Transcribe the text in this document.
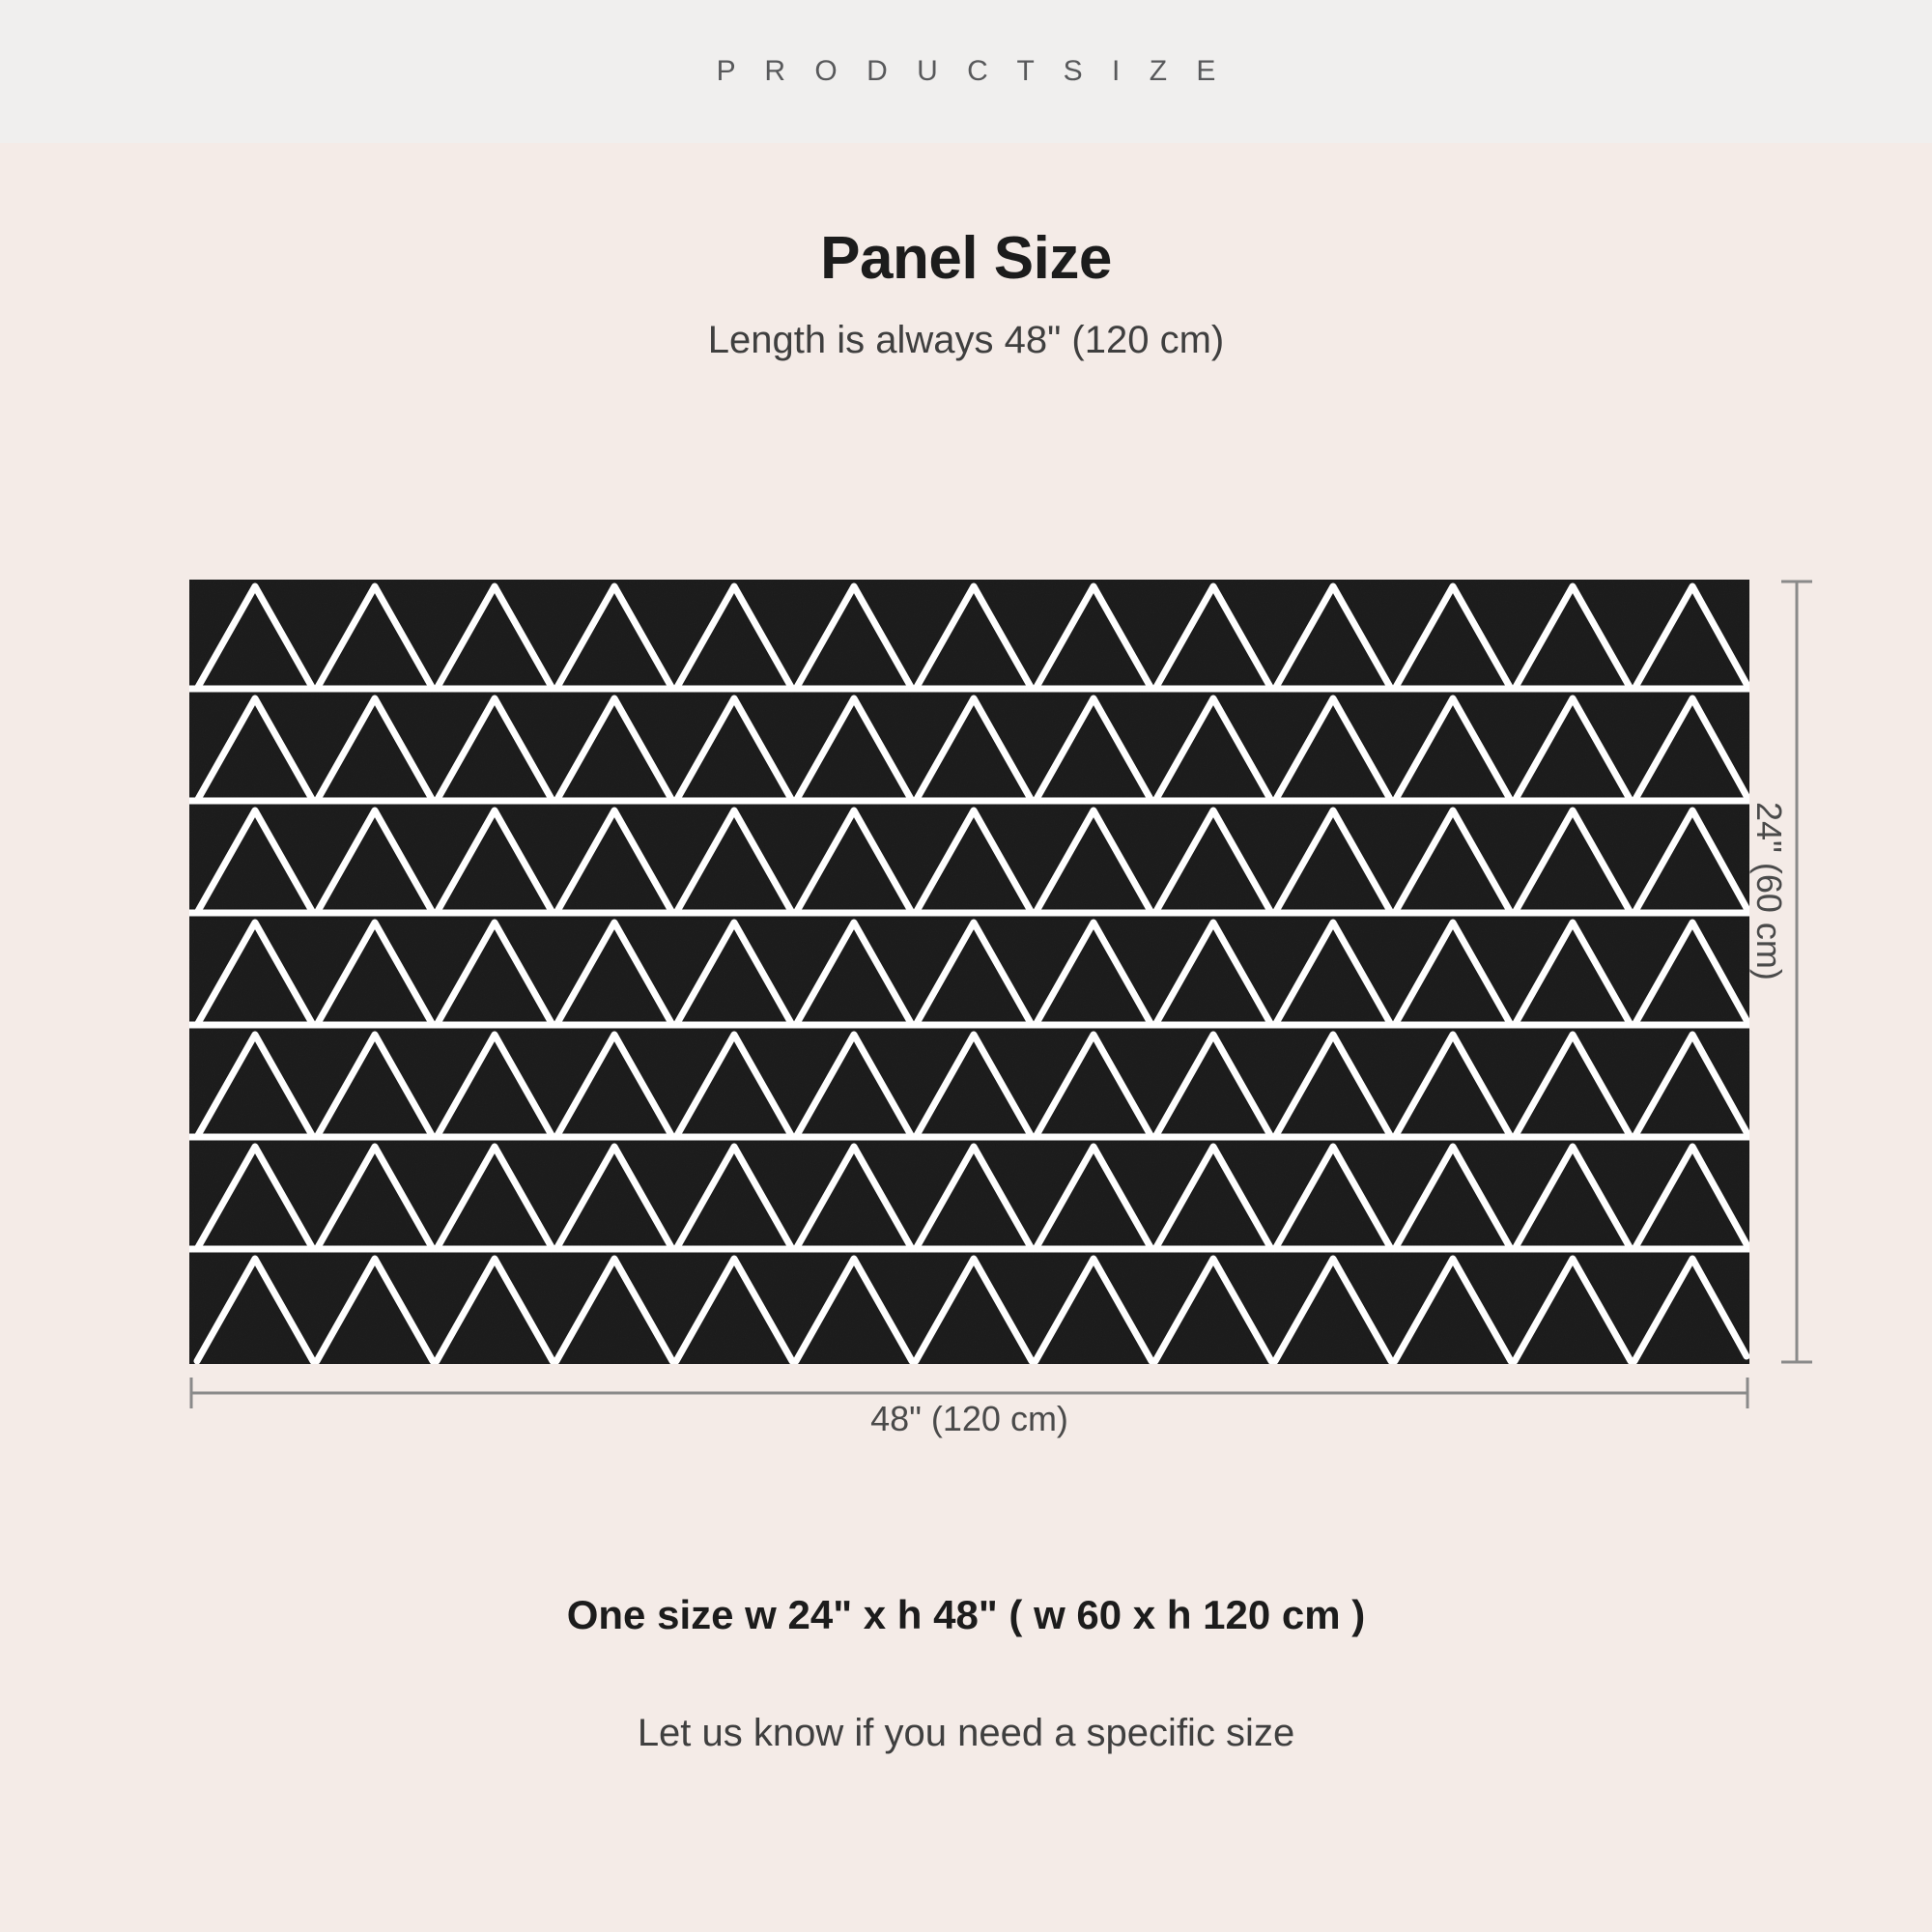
P R O D U C T S I Z E
Panel Size
Length is always 48" (120 cm)
24" (60 cm)
48" (120 cm)
One size w 24" x h 48" ( w 60 x h 120 cm )
Let us know if you need a specific size
